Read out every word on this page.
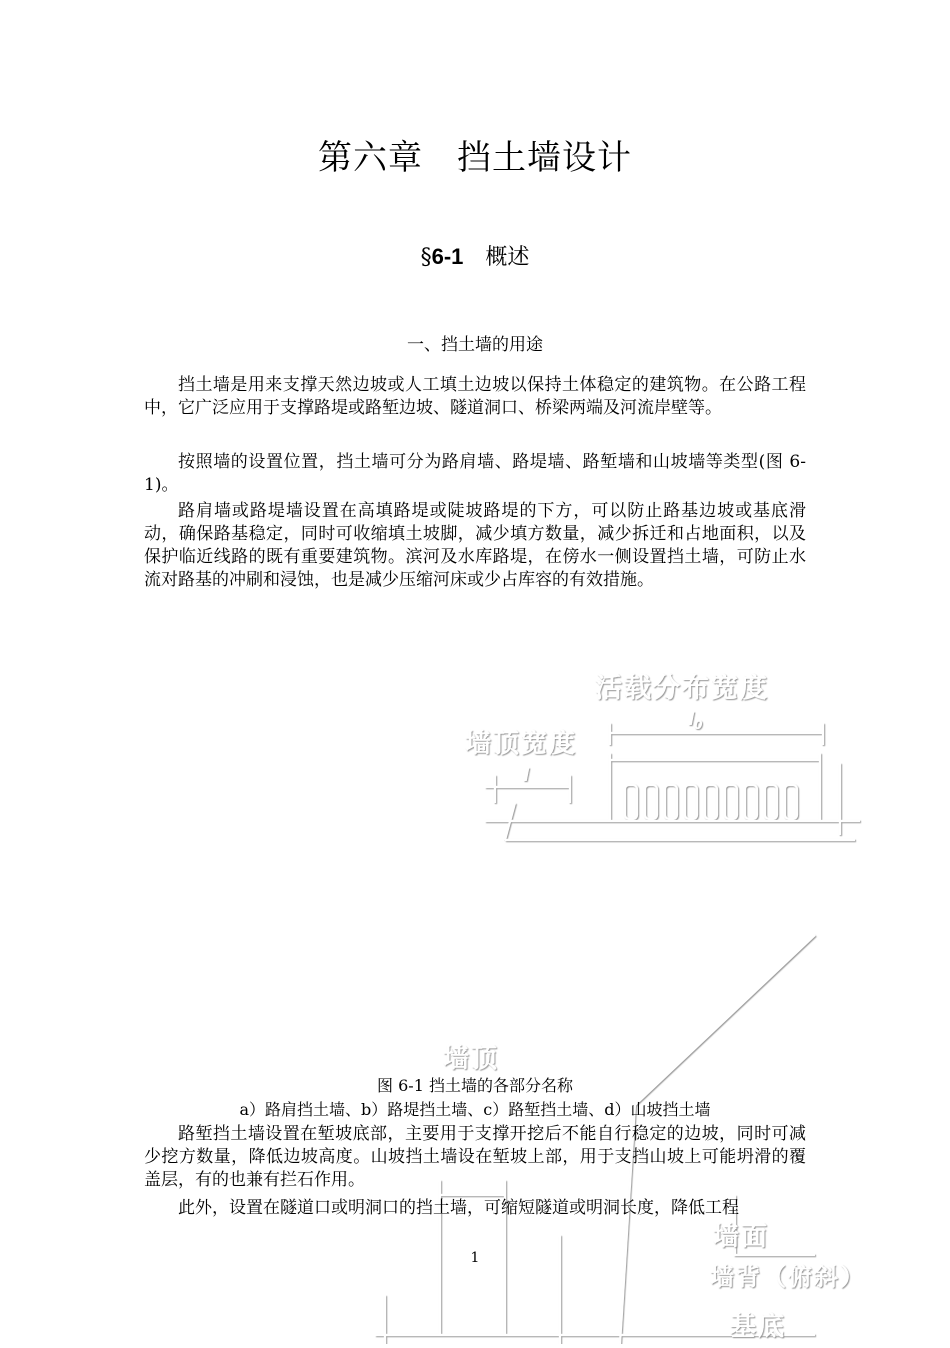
第六章 挡土墙设计
§6-1 概述
一、挡土墙的用途

挡土墙是用来支撑天然边坡或人工填土边坡以保持土体稳定的建筑物。在公路工程中，它广泛应用于支撑路堤或路堑边坡、隧道洞口、桥梁两端及河流岸壁等。

按照墙的设置位置，挡土墙可分为路肩墙、路堤墙、路堑墙和山坡墙等类型(图 6-1)。

路肩墙或路堤墙设置在高填路堤或陡坡路堤的下方，可以防止路基边坡或基底滑动，确保路基稳定，同时可收缩填土坡脚，减少填方数量，减少拆迁和占地面积，以及保护临近线路的既有重要建筑物。滨河及水库路堤，在傍水一侧设置挡土墙，可防止水流对路基的冲刷和浸蚀，也是减少压缩河床或少占库容的有效措施。

活载分布宽度
$l_0$
墙顶宽度
l
墙顶
墙面
墙背（俯斜）
基底
图 6-1 挡土墙的各部分名称
a）路肩挡土墙、b）路堤挡土墙、c）路堑挡土墙、d）山坡挡土墙

路堑挡土墙设置在堑坡底部，主要用于支撑开挖后不能自行稳定的边坡，同时可减少挖方数量，降低边坡高度。山坡挡土墙设在堑坡上部，用于支挡山坡上可能坍滑的覆盖层，有的也兼有拦石作用。

此外，设置在隧道口或明洞口的挡土墙，可缩短隧道或明洞长度，降低工程

1
